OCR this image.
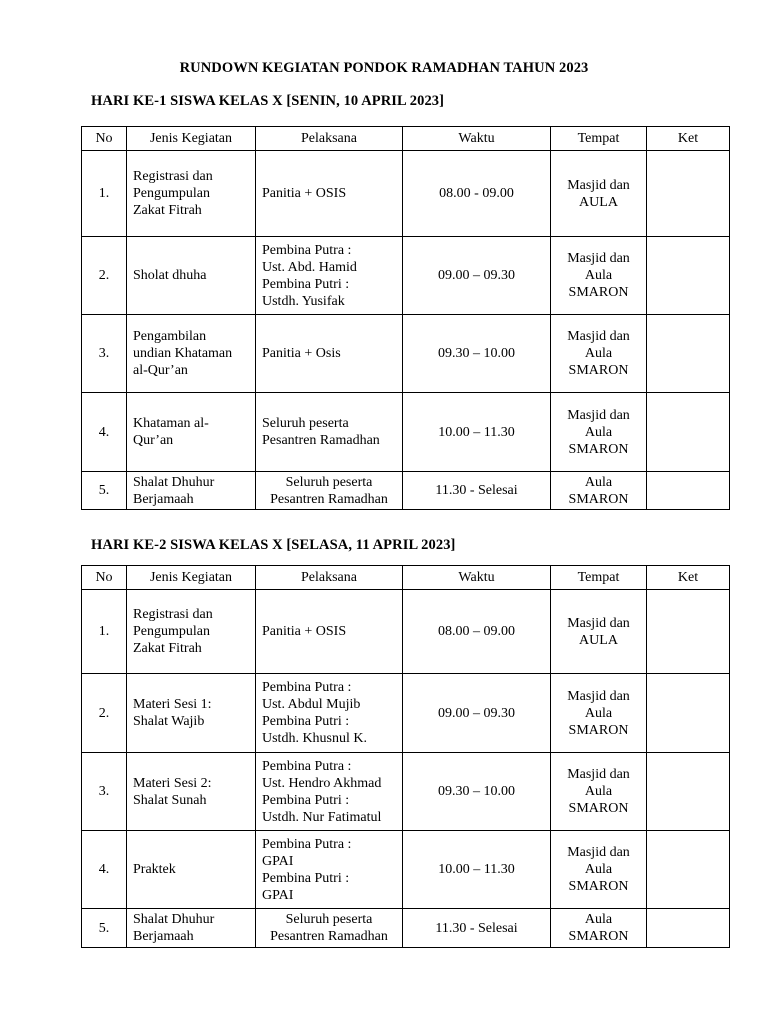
RUNDOWN KEGIATAN PONDOK RAMADHAN TAHUN 2023
HARI KE-1 SISWA KELAS X [SENIN, 10 APRIL 2023]
No	Jenis Kegiatan	Pelaksana	Waktu	Tempat	Ket
1.	Registrasi dan
Pengumpulan
Zakat Fitrah	Panitia + OSIS	08.00 - 09.00	Masjid dan
AULA	
2.	Sholat dhuha	Pembina Putra :
Ust. Abd. Hamid
Pembina Putri :
Ustdh. Yusifak	09.00 – 09.30	Masjid dan
Aula
SMARON	
3.	Pengambilan
undian Khataman
al-Qur’an	Panitia + Osis	09.30 – 10.00	Masjid dan
Aula
SMARON	
4.	Khataman al-
Qur’an	Seluruh peserta
Pesantren Ramadhan	10.00 – 11.30	Masjid dan
Aula
SMARON	
5.	Shalat Dhuhur
Berjamaah	Seluruh peserta
Pesantren Ramadhan	11.30 - Selesai	Aula
SMARON	
HARI KE-2 SISWA KELAS X [SELASA, 11 APRIL 2023]
No	Jenis Kegiatan	Pelaksana	Waktu	Tempat	Ket
1.	Registrasi dan
Pengumpulan
Zakat Fitrah	Panitia + OSIS	08.00 – 09.00	Masjid dan
AULA	
2.	Materi Sesi 1:
Shalat Wajib	Pembina Putra :
Ust. Abdul Mujib
Pembina Putri :
Ustdh. Khusnul K.	09.00 – 09.30	Masjid dan
Aula
SMARON	
3.	Materi Sesi 2:
Shalat Sunah	Pembina Putra :
Ust. Hendro Akhmad
Pembina Putri :
Ustdh. Nur Fatimatul	09.30 – 10.00	Masjid dan
Aula
SMARON	
4.	Praktek	Pembina Putra :
GPAI
Pembina Putri :
GPAI	10.00 – 11.30	Masjid dan
Aula
SMARON	
5.	Shalat Dhuhur
Berjamaah	Seluruh peserta
Pesantren Ramadhan	11.30 - Selesai	Aula
SMARON	
